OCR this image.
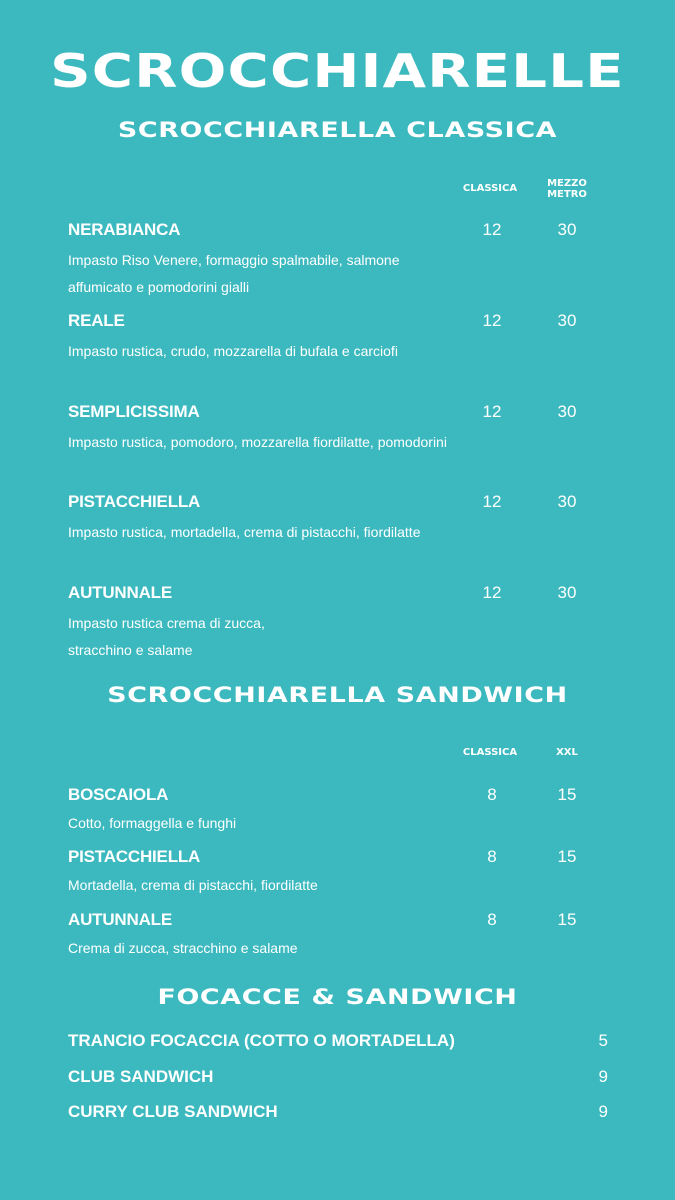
SCROCCHIARELLE
SCROCCHIARELLA CLASSICA
CLASSICA	MEZZO
METRO
NERABIANCA
Impasto Riso Venere, formaggio spalmabile, salmone affumicato e pomodorini gialli
12	30
REALE
Impasto rustica, crudo, mozzarella di bufala e carciofi
12	30
SEMPLICISSIMA
Impasto rustica, pomodoro, mozzarella fiordilatte, pomodorini
12	30
PISTACCHIELLA
Impasto rustica, mortadella, crema di pistacchi, fiordilatte
12	30
AUTUNNALE
Impasto rustica crema di zucca, stracchino e salame
12	30
SCROCCHIARELLA SANDWICH
CLASSICA	XXL
BOSCAIOLA
Cotto, formaggella e funghi
8	15
PISTACCHIELLA
Mortadella, crema di pistacchi, fiordilatte
8	15
AUTUNNALE
Crema di zucca, stracchino e salame
8	15
FOCACCE & SANDWICH
TRANCIO FOCACCIA (COTTO O MORTADELLA)	5
CLUB SANDWICH	9
CURRY CLUB SANDWICH	9
